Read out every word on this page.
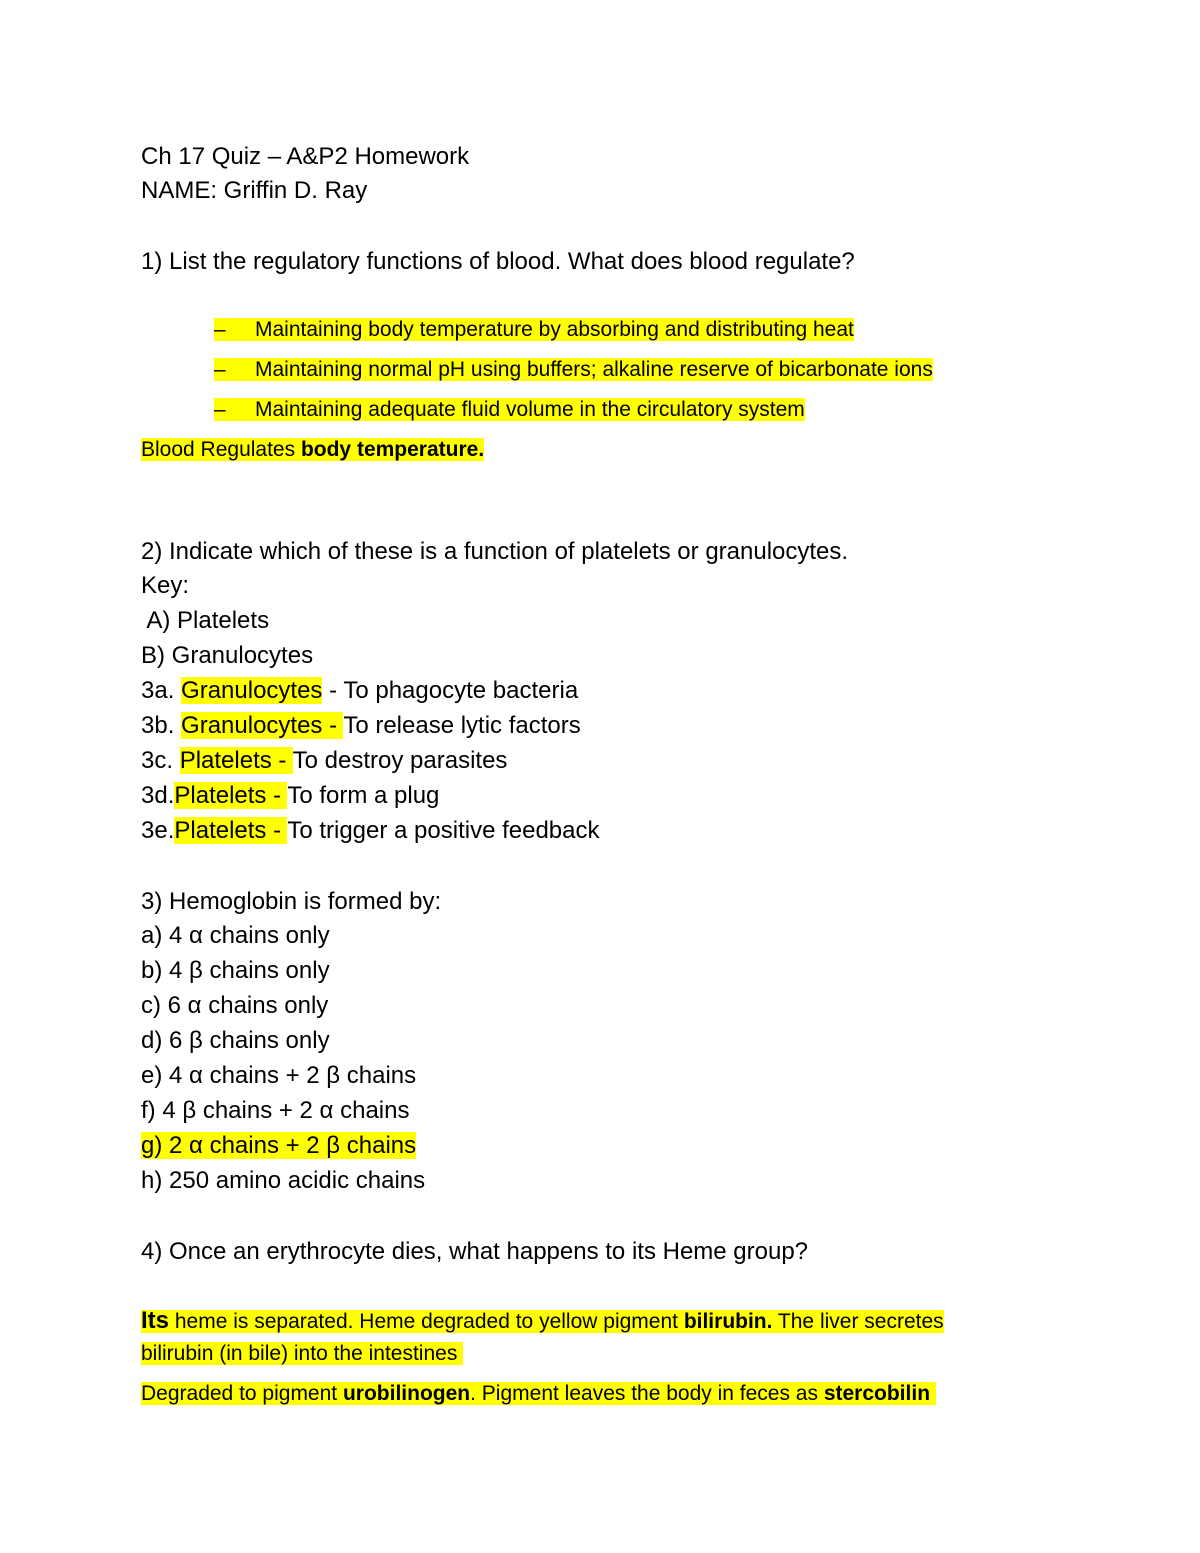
Ch 17 Quiz – A&P2 Homework
NAME: Griffin D. Ray
1) List the regulatory functions of blood. What does blood regulate?
– Maintaining body temperature by absorbing and distributing heat
– Maintaining normal pH using buffers; alkaline reserve of bicarbonate ions
– Maintaining adequate fluid volume in the circulatory system
Blood Regulates body temperature.
2) Indicate which of these is a function of platelets or granulocytes.
Key:
A) Platelets
B) Granulocytes
3a. Granulocytes - To phagocyte bacteria
3b. Granulocytes - To release lytic factors
3c. Platelets - To destroy parasites
3d.Platelets - To form a plug
3e.Platelets - To trigger a positive feedback
3) Hemoglobin is formed by:
a) 4 α chains only
b) 4 β chains only
c) 6 α chains only
d) 6 β chains only
e) 4 α chains + 2 β chains
f) 4 β chains + 2 α chains
g) 2 α chains + 2 β chains
h) 250 amino acidic chains
4) Once an erythrocyte dies, what happens to its Heme group?
Its heme is separated. Heme degraded to yellow pigment bilirubin. The liver secretes
bilirubin (in bile) into the intestines
Degraded to pigment urobilinogen. Pigment leaves the body in feces as stercobilin
